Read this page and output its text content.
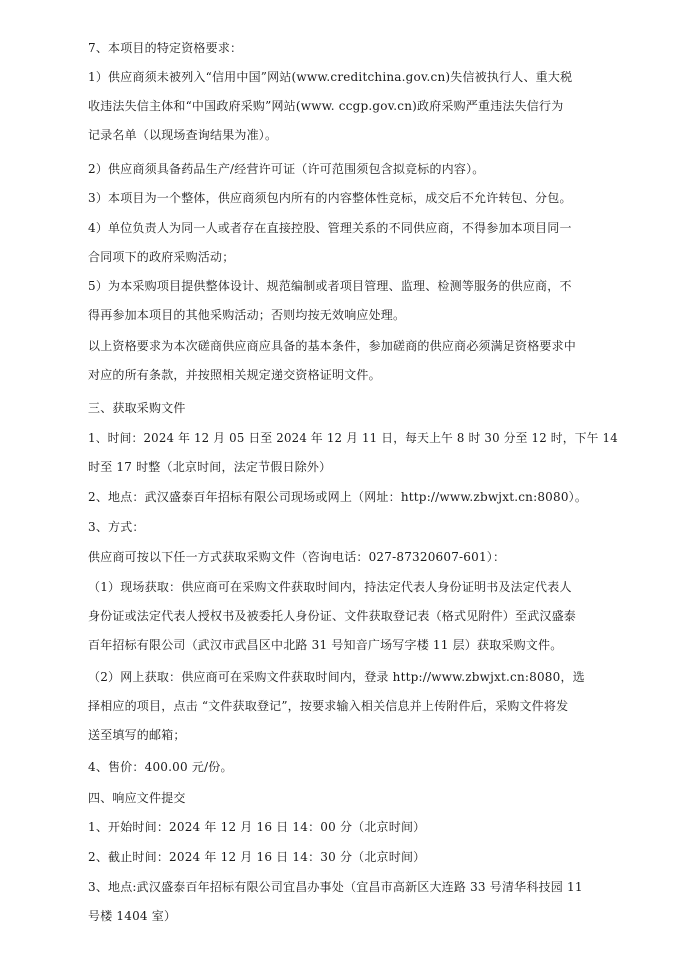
7、本项目的特定资格要求：
1）供应商须未被列入“信用中国”网站(www.creditchina.gov.cn)失信被执行人、重大税
收违法失信主体和“中国政府采购”网站(www. ccgp.gov.cn)政府采购严重违法失信行为
记录名单（以现场查询结果为准）。
2）供应商须具备药品生产/经营许可证（许可范围须包含拟竞标的内容）。
3）本项目为一个整体，供应商须包内所有的内容整体性竞标，成交后不允许转包、分包。
4）单位负责人为同一人或者存在直接控股、管理关系的不同供应商，不得参加本项目同一
合同项下的政府采购活动；
5）为本采购项目提供整体设计、规范编制或者项目管理、监理、检测等服务的供应商，不
得再参加本项目的其他采购活动；否则均按无效响应处理。
以上资格要求为本次磋商供应商应具备的基本条件，参加磋商的供应商必须满足资格要求中
对应的所有条款，并按照相关规定递交资格证明文件。
三、获取采购文件
1、时间：2024 年 12 月 05 日至 2024 年 12 月 11 日，每天上午 8 时 30 分至 12 时，下午 14
时至 17 时整（北京时间，法定节假日除外）
2、地点：武汉盛泰百年招标有限公司现场或网上（网址：http://www.zbwjxt.cn:8080）。
3、方式：
供应商可按以下任一方式获取采购文件（咨询电话：027-87320607-601）：
（1）现场获取：供应商可在采购文件获取时间内，持法定代表人身份证明书及法定代表人
身份证或法定代表人授权书及被委托人身份证、文件获取登记表（格式见附件）至武汉盛泰
百年招标有限公司（武汉市武昌区中北路 31 号知音广场写字楼 11 层）获取采购文件。
（2）网上获取：供应商可在采购文件获取时间内，登录 http://www.zbwjxt.cn:8080，选
择相应的项目，点击 “文件获取登记”，按要求输入相关信息并上传附件后，采购文件将发
送至填写的邮箱；
4、售价：400.00 元/份。
四、响应文件提交
1、开始时间：2024 年 12 月 16 日 14：00 分（北京时间）
2、截止时间：2024 年 12 月 16 日 14：30 分（北京时间）
3、地点:武汉盛泰百年招标有限公司宜昌办事处（宜昌市高新区大连路 33 号清华科技园 11
号楼 1404 室）
